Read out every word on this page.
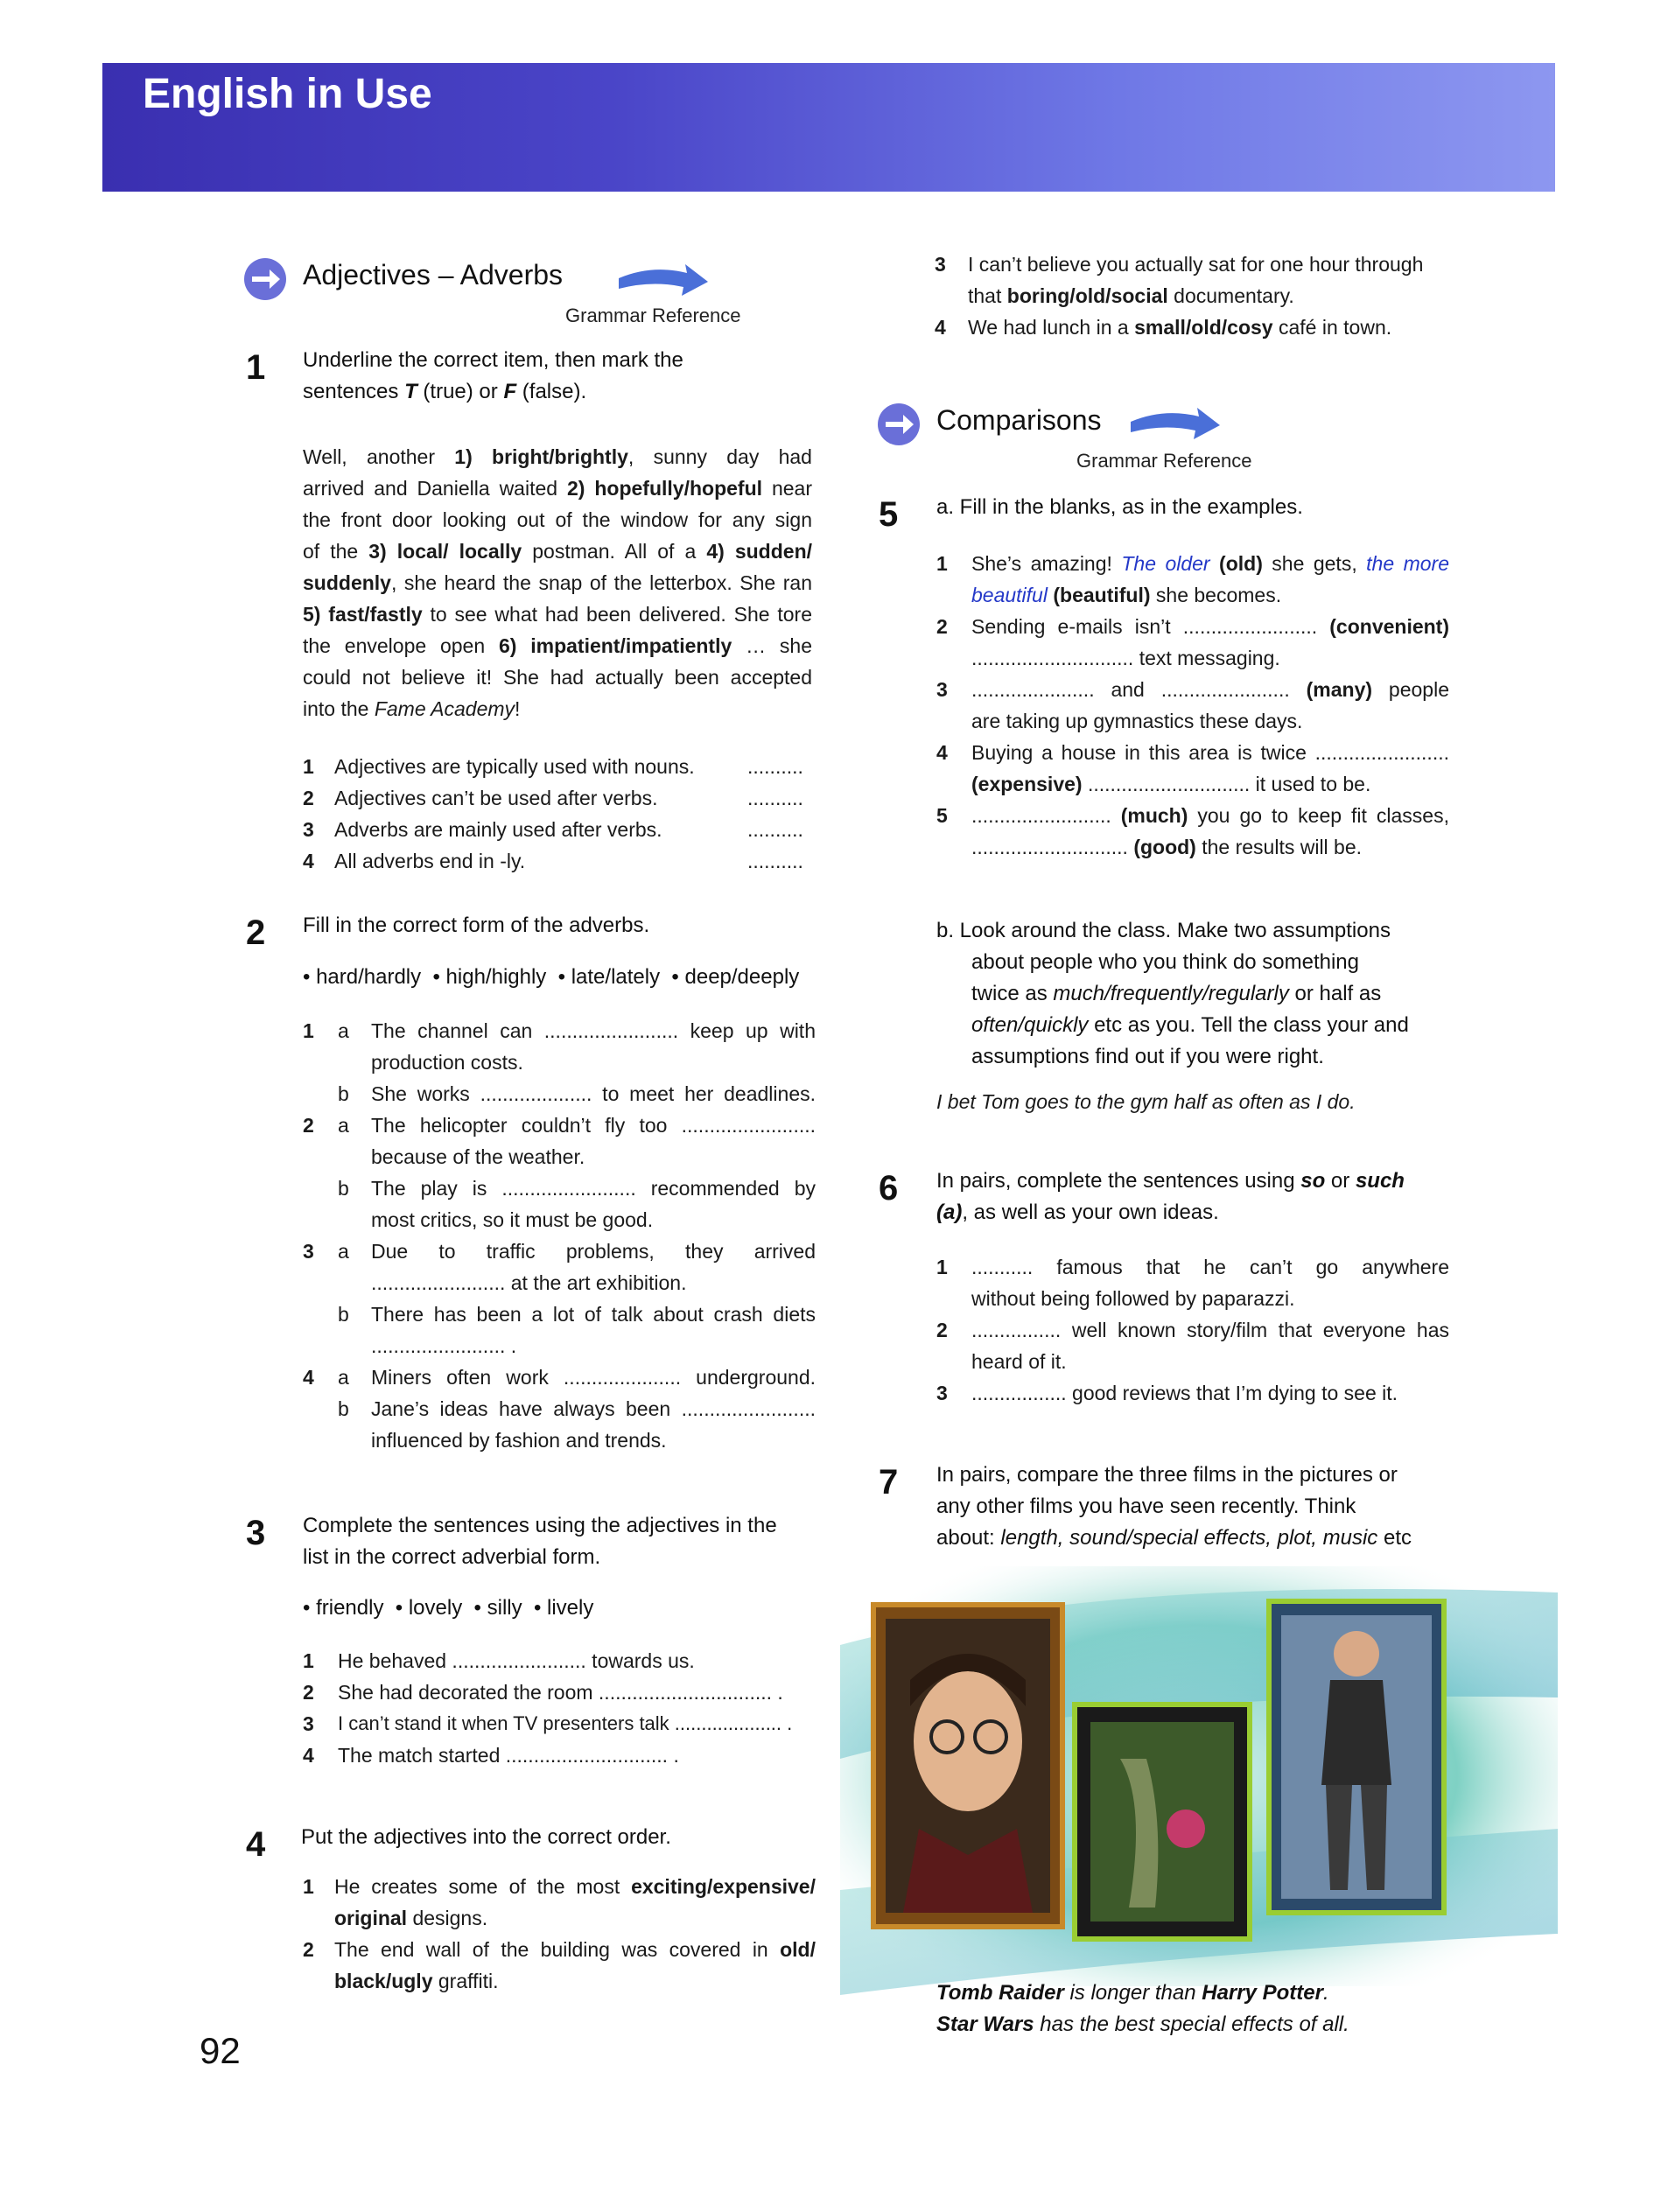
English in Use
Adjectives – Adverbs
Grammar Reference
1 Underline the correct item, then mark the
sentences T (true) or F (false).
Well, another 1) bright/brightly, sunny day had
arrived and Daniella waited 2) hopefully/hopeful near
the front door looking out of the window for any sign
of the 3) local/ locally postman. All of a 4) sudden/
suddenly, she heard the snap of the letterbox. She ran
5) fast/fastly to see what had been delivered. She tore
the envelope open 6) impatient/impatiently … she
could not believe it! She had actually been accepted
into the Fame Academy!
1 Adjectives are typically used with nouns.	..........
2 Adjectives can’t be used after verbs.	..........
3 Adverbs are mainly used after verbs.	..........
4 All adverbs end in -ly.	..........
2 Fill in the correct form of the adverbs.
• hard/hardly  • high/highly  • late/lately  • deep/deeply
1 a The channel can ........................ keep up with
production costs.
b She works .................... to meet her deadlines.
2 a The helicopter couldn’t fly too ........................
because of the weather.
b The play is ........................ recommended by
most critics, so it must be good.
3 a Due to traffic problems, they arrived
........................ at the art exhibition.
b There has been a lot of talk about crash diets
........................ .
4 a Miners often work ..................... underground.
b Jane’s ideas have always been ........................
influenced by fashion and trends.
3 Complete the sentences using the adjectives in the
list in the correct adverbial form.
• friendly  • lovely  • silly  • lively
1 He behaved ........................ towards us.
2 She had decorated the room ............................... .
3 I can’t stand it when TV presenters talk .................... .
4 The match started ............................. .
4 Put the adjectives into the correct order.
1 He creates some of the most exciting/expensive/
original designs.
2 The end wall of the building was covered in old/
black/ugly graffiti.
92
3 I can’t believe you actually sat for one hour through
that boring/old/social documentary.
4 We had lunch in a small/old/cosy café in town.
Comparisons
Grammar Reference
5 a. Fill in the blanks, as in the examples.
1 She’s amazing! The older (old) she gets, the more
beautiful (beautiful) she becomes.
2 Sending e-mails isn’t ........................ (convenient)
............................. text messaging.
3 ...................... and ....................... (many) people
are taking up gymnastics these days.
4 Buying a house in this area is twice ........................
(expensive) ............................. it used to be.
5 ......................... (much) you go to keep fit classes,
............................ (good) the results will be.
b. Look around the class. Make two assumptions
about people who you think do something
twice as much/frequently/regularly or half as
often/quickly etc as you. Tell the class your and
assumptions find out if you were right.
I bet Tom goes to the gym half as often as I do.
6 In pairs, complete the sentences using so or such
(a), as well as your own ideas.
1 ........... famous that he can’t go anywhere
without being followed by paparazzi.
2 ................ well known story/film that everyone has
heard of it.
3 ................. good reviews that I’m dying to see it.
7 In pairs, compare the three films in the pictures or
any other films you have seen recently. Think
about: length, sound/special effects, plot, music etc
Tomb Raider is longer than Harry Potter.
Star Wars has the best special effects of all.
